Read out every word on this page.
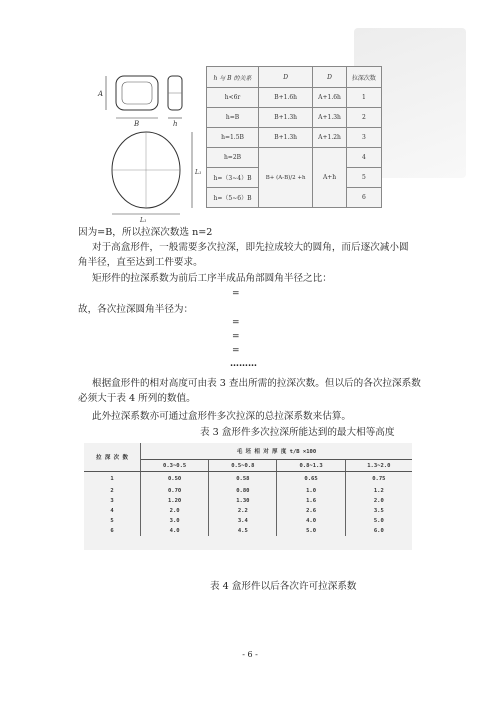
A
B	h
L₁
L₁
h 与 B 的关系	D	D	拉深次数
h<6r	B+1.6h	A+1.6h	1
h=B	B+1.3h	A+1.3h	2
h=1.5B	B+1.3h	A+1.2h	3
h=2B	B+ (A-B)/2 +h	A+h	4
h=（3~4）B			5
h=（5~6）B			6
因为=B，所以拉深次数选 n=2
对于高盒形件，一般需要多次拉深，即先拉成较大的圆角，而后逐次减小圆
角半径，直至达到工件要求。
矩形件的拉深系数为前后工序半成品角部圆角半径之比：
=
故，各次拉深圆角半径为：
=
=
=
………
根据盒形件的相对高度可由表 3 查出所需的拉深次数。但以后的各次拉深系数
必须大于表 4 所列的数值。
此外拉深系数亦可通过盒形件多次拉深的总拉深系数来估算。
表 3 盒形件多次拉深所能达到的最大相等高度
拉 深 次 数	毛 坯 相 对 厚 度 t/B ×100			
	0.3~0.5	0.5~0.8	0.8~1.3	1.3~2.0
1	0.50	0.58	0.65	0.75
2	0.70	0.80	1.0	1.2
3	1.20	1.30	1.6	2.0
4	2.0	2.2	2.6	3.5
5	3.0	3.4	4.0	5.0
6	4.0	4.5	5.0	6.0
表 4 盒形件以后各次许可拉深系数
- 6 -
